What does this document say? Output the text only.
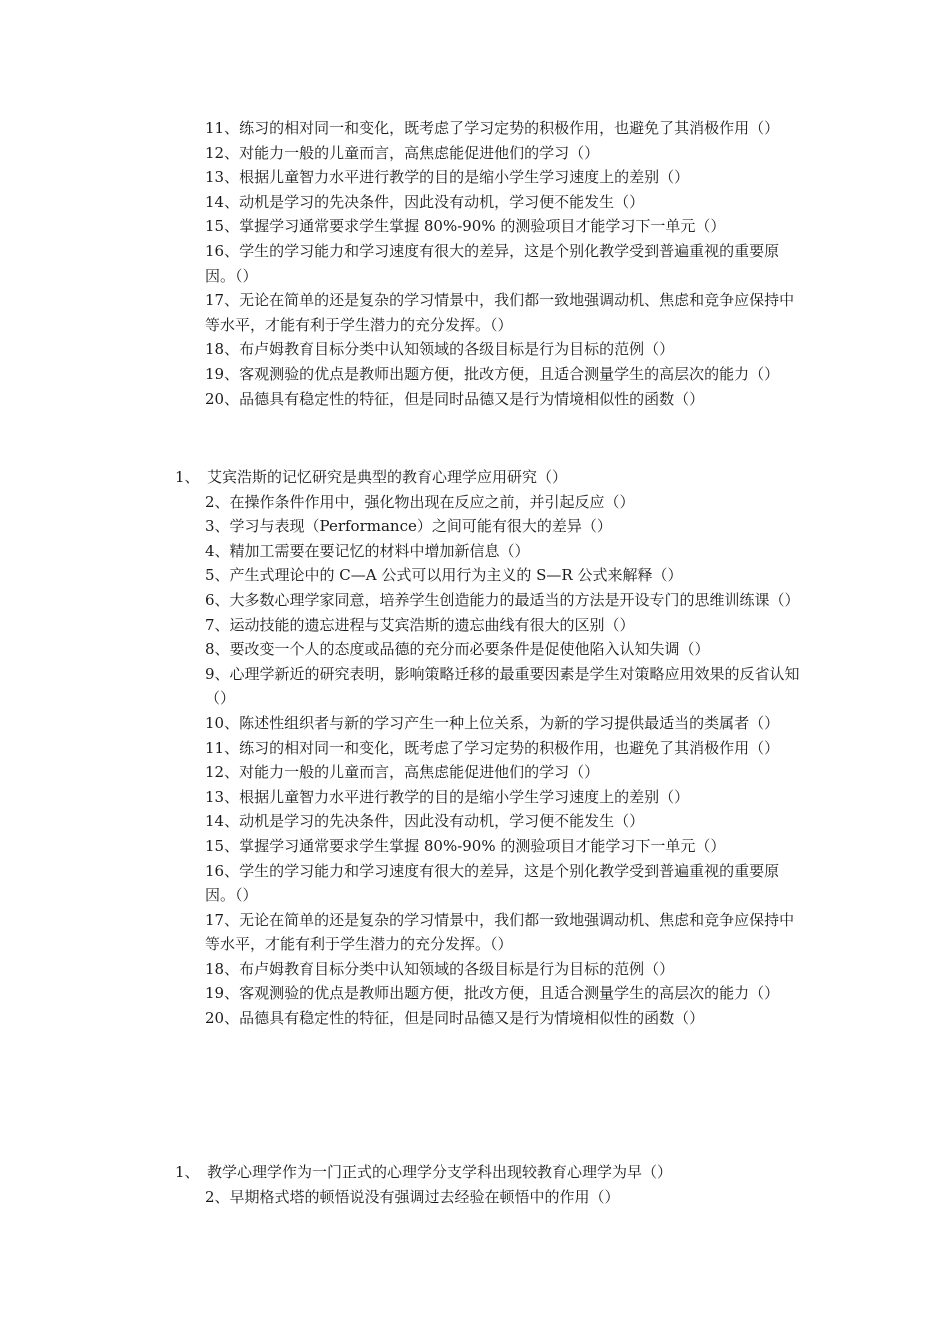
11、练习的相对同一和变化，既考虑了学习定势的积极作用，也避免了其消极作用（）
12、对能力一般的儿童而言，高焦虑能促进他们的学习（）
13、根据儿童智力水平进行教学的目的是缩小学生学习速度上的差别（）
14、动机是学习的先决条件，因此没有动机，学习便不能发生（）
15、掌握学习通常要求学生掌握 80%-90% 的测验项目才能学习下一单元（）
16、学生的学习能力和学习速度有很大的差异，这是个别化教学受到普遍重视的重要原因。（）
17、无论在简单的还是复杂的学习情景中，我们都一致地强调动机、焦虑和竞争应保持中等水平，才能有利于学生潜力的充分发挥。（）
18、布卢姆教育目标分类中认知领域的各级目标是行为目标的范例（）
19、客观测验的优点是教师出题方便，批改方便，且适合测量学生的高层次的能力（）
20、品德具有稳定性的特征，但是同时品德又是行为情境相似性的函数（）
1、 艾宾浩斯的记忆研究是典型的教育心理学应用研究（）
2、在操作条件作用中，强化物出现在反应之前，并引起反应（）
3、学习与表现（Performance）之间可能有很大的差异（）
4、精加工需要在要记忆的材料中增加新信息（）
5、产生式理论中的 C—A 公式可以用行为主义的 S—R 公式来解释（）
6、大多数心理学家同意，培养学生创造能力的最适当的方法是开设专门的思维训练课（）
7、运动技能的遗忘进程与艾宾浩斯的遗忘曲线有很大的区别（）
8、要改变一个人的态度或品德的充分而必要条件是促使他陷入认知失调（）
9、心理学新近的研究表明，影响策略迁移的最重要因素是学生对策略应用效果的反省认知（）
10、陈述性组织者与新的学习产生一种上位关系，为新的学习提供最适当的类属者（）
11、练习的相对同一和变化，既考虑了学习定势的积极作用，也避免了其消极作用（）
12、对能力一般的儿童而言，高焦虑能促进他们的学习（）
13、根据儿童智力水平进行教学的目的是缩小学生学习速度上的差别（）
14、动机是学习的先决条件，因此没有动机，学习便不能发生（）
15、掌握学习通常要求学生掌握 80%-90% 的测验项目才能学习下一单元（）
16、学生的学习能力和学习速度有很大的差异，这是个别化教学受到普遍重视的重要原因。（）
17、无论在简单的还是复杂的学习情景中，我们都一致地强调动机、焦虑和竞争应保持中等水平，才能有利于学生潜力的充分发挥。（）
18、布卢姆教育目标分类中认知领域的各级目标是行为目标的范例（）
19、客观测验的优点是教师出题方便，批改方便，且适合测量学生的高层次的能力（）
20、品德具有稳定性的特征，但是同时品德又是行为情境相似性的函数（）
1、 教学心理学作为一门正式的心理学分支学科出现较教育心理学为早（）
2、早期格式塔的顿悟说没有强调过去经验在顿悟中的作用（）
